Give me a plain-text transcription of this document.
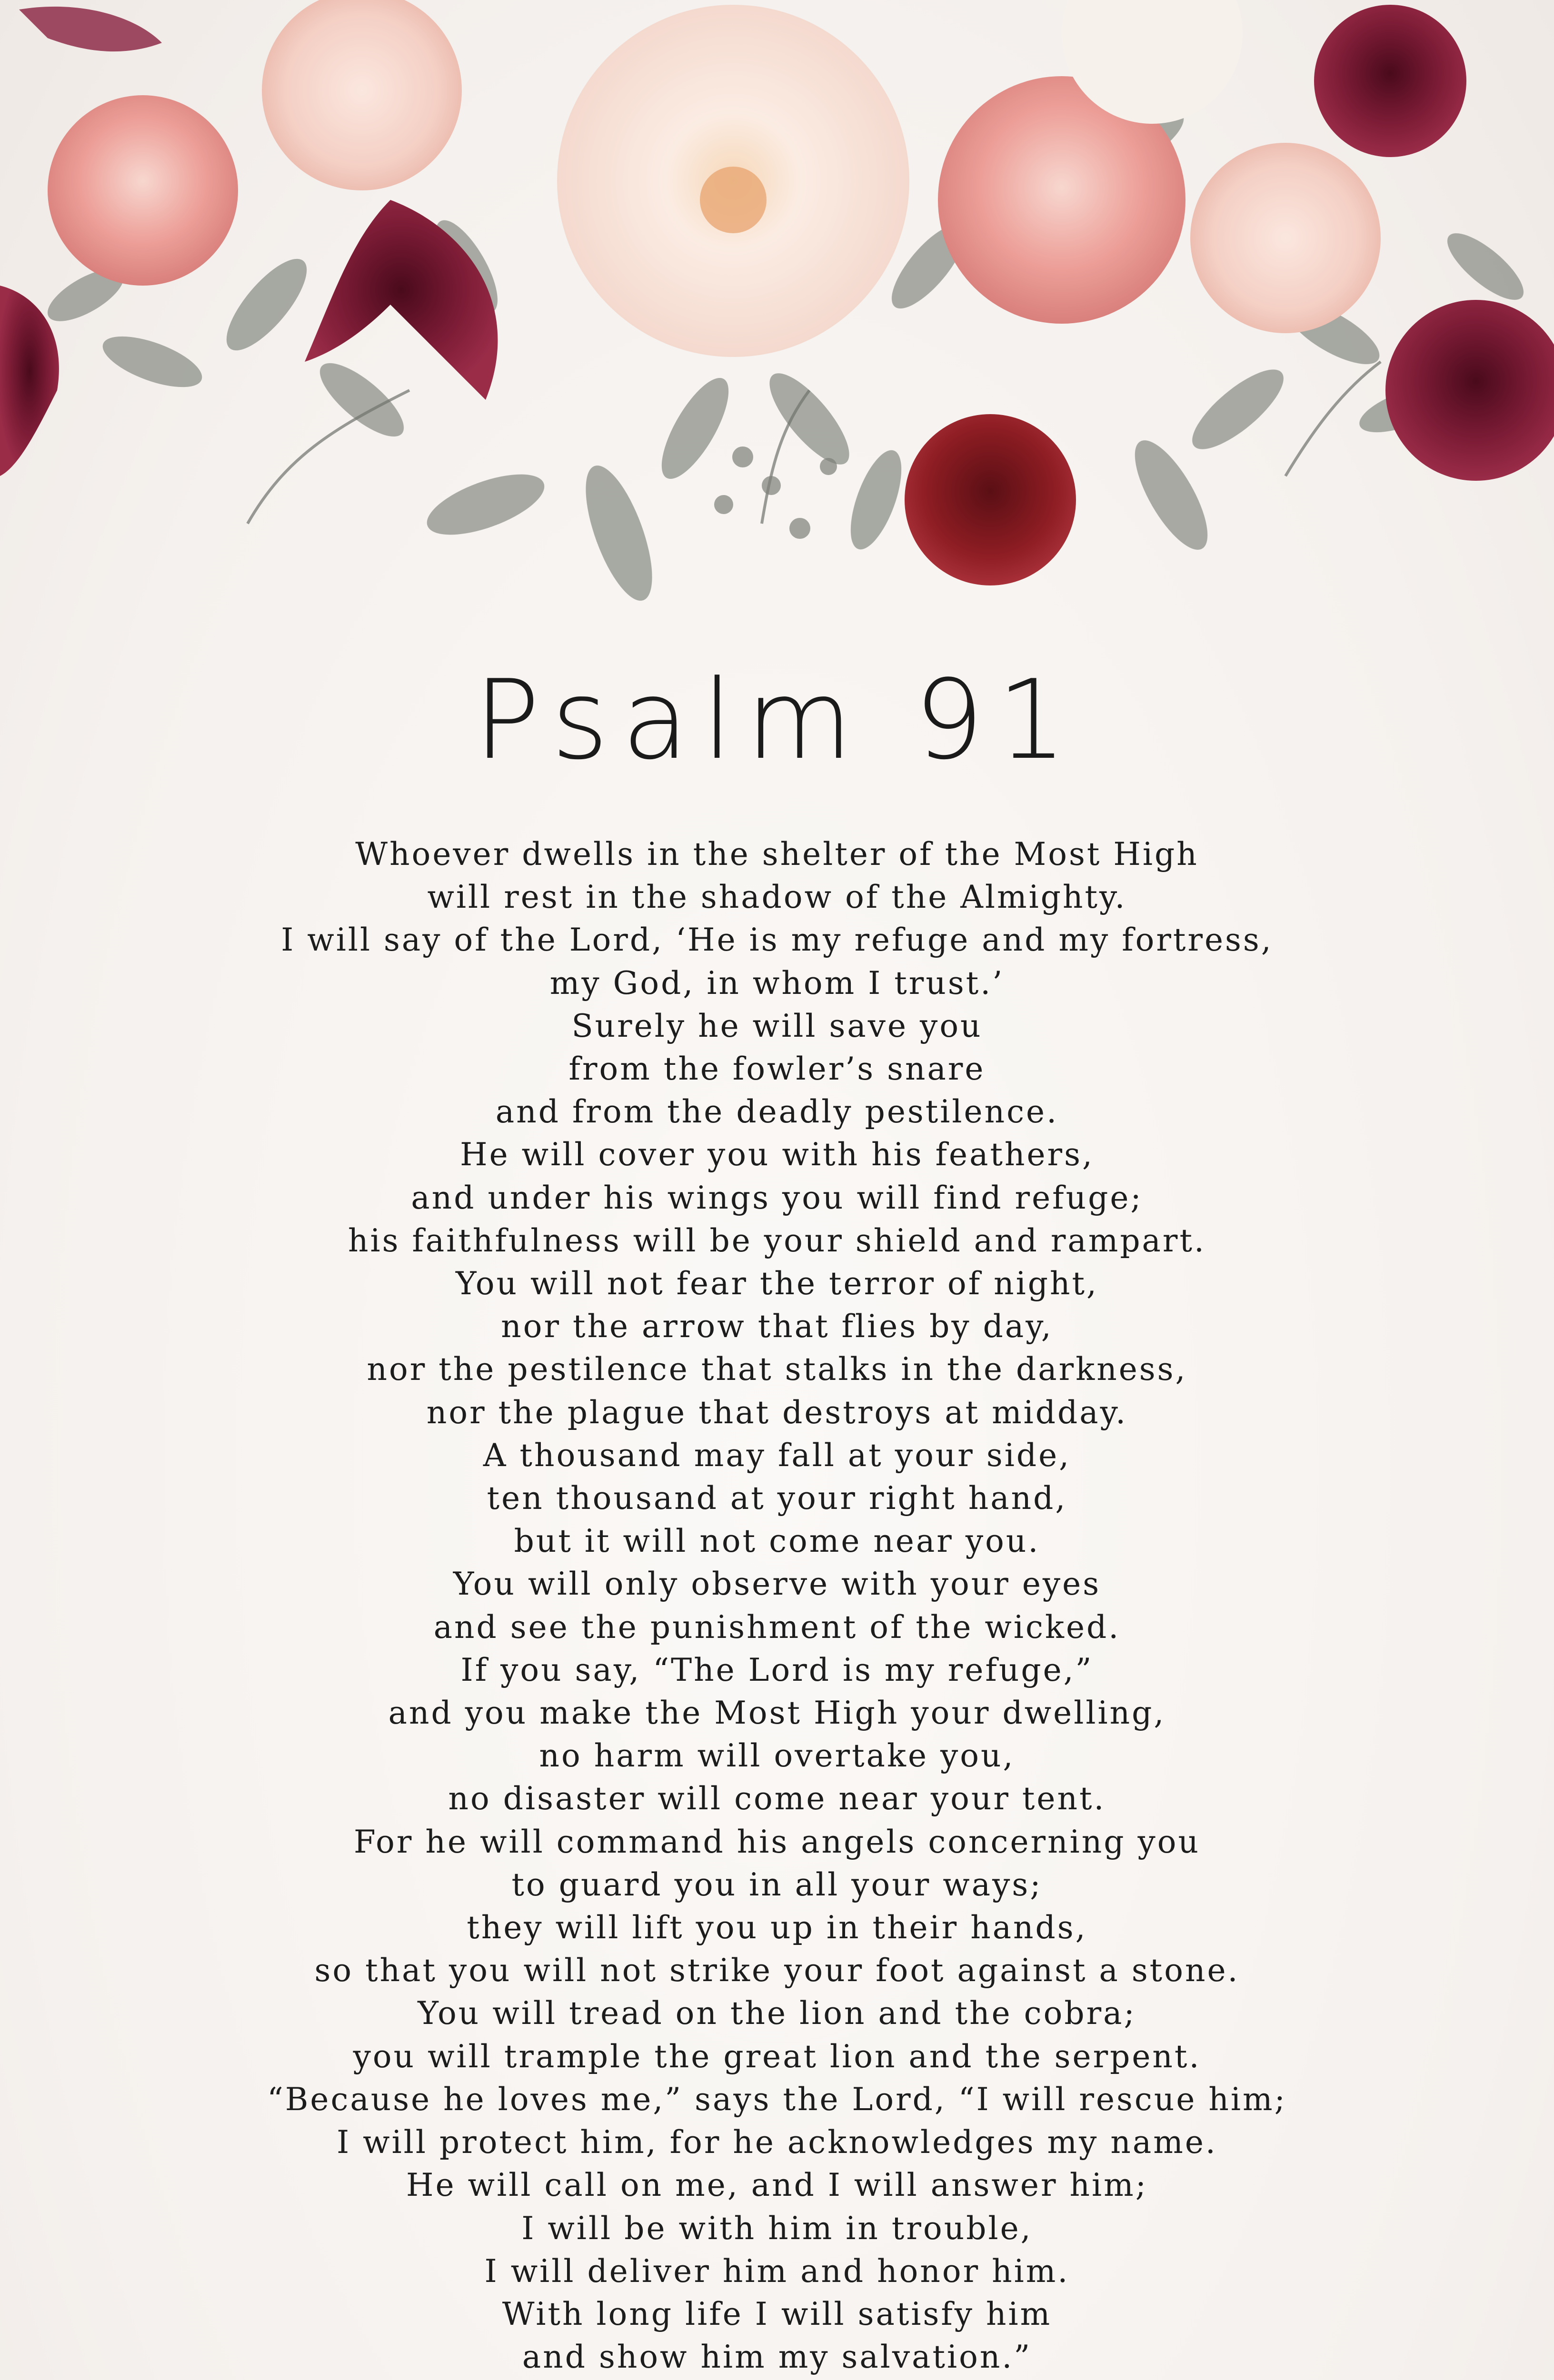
Psalm 91
Whoever dwells in the shelter of the Most High
will rest in the shadow of the Almighty.
I will say of the Lord, ‘He is my refuge and my fortress,
my God, in whom I trust.’
Surely he will save you
from the fowler’s snare
and from the deadly pestilence.
He will cover you with his feathers,
and under his wings you will find refuge;
his faithfulness will be your shield and rampart.
You will not fear the terror of night,
nor the arrow that flies by day,
nor the pestilence that stalks in the darkness,
nor the plague that destroys at midday.
A thousand may fall at your side,
ten thousand at your right hand,
but it will not come near you.
You will only observe with your eyes
and see the punishment of the wicked.
If you say, “The Lord is my refuge,”
and you make the Most High your dwelling,
no harm will overtake you,
no disaster will come near your tent.
For he will command his angels concerning you
to guard you in all your ways;
they will lift you up in their hands,
so that you will not strike your foot against a stone.
You will tread on the lion and the cobra;
you will trample the great lion and the serpent.
“Because he loves me,” says the Lord, “I will rescue him;
I will protect him, for he acknowledges my name.
He will call on me, and I will answer him;
I will be with him in trouble,
I will deliver him and honor him.
With long life I will satisfy him
and show him my salvation.”
